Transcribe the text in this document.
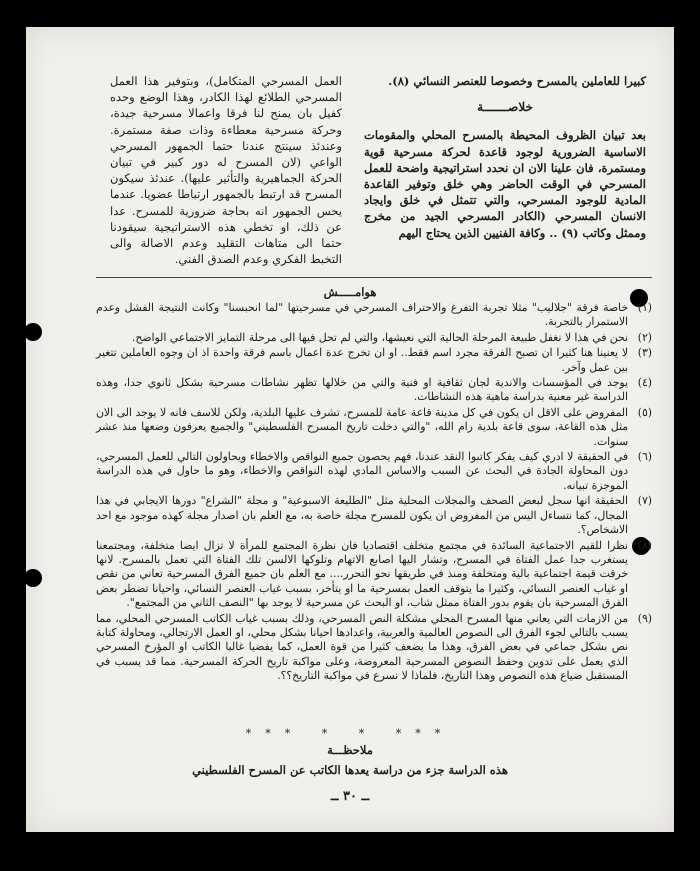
كبيرا للعاملين بالمسرح وخصوصا للعنصر النسائي (٨).
خلاصـــــــة
بعد تبيان الظروف المحيطة بالمسرح المحلي والمقومات الاساسية الضرورية لوجود قاعدة لحركة مسرحية قوية ومستمرة، فان علينا الان ان نحدد استراتيجية واضحة للعمل المسرحي في الوقت الحاضر وهي خلق وتوفير القاعدة المادية للوجود المسرحي، والتي تتمثل في خلق وايجاد الانسان المسرحي (الكادر المسرحي الجيد من مخرج وممثل وكاتب (٩) .. وكافة الفنيين الذين يحتاج اليهم
العمل المسرحي المتكامل)، وبتوفير هذا العمل المسرحي الطلائع لهذا الكادر، وهذا الوضع وحده كفيل بان يمنح لنا فرقا واعمالا مسرحية جيدة، وحركة مسرحية معطاءة وذات صفة مستمرة. وعندئذ سينتج عندنا حتما الجمهور المسرحي الواعي (لان المسرح له دور كبير في تبيان الحركة الجماهيرية والتأثير عليها). عندئذ سيكون المسرح قد ارتبط بالجمهور ارتباطا عضويا. عندما يحس الجمهور انه بحاجة ضرورية للمسرح. عدا عن ذلك، او تخطي هذه الاستراتيجية سيقودنا حتما الى متاهات التقليد وعدم الاصالة والى التخبط الفكري وعدم الصدق الفني.
هوامـــــش
(١)
خاصة فرقة "جلاليب" مثلا تجربة التفرغ والاحتراف المسرحي في مسرحيتها "لما انحبسنا" وكانت النتيجة الفشل وعدم الاستمرار بالتجربة.
(٢)
نحن في هذا لا نغفل طبيعة المرحلة الحالية التي نعيشها، والتي لم تحل فيها الى مرحلة التمايز الاجتماعي الواضح.
(٣)
لا يعنينا هنا كثيرا ان تصبح الفرقة مجرد اسم فقط.. او ان تخرج عدة اعمال باسم فرقة واحدة اذ ان وجوه العاملين تتغير بين عمل وآخر.
(٤)
يوجد في المؤسسات والاندية لجان ثقافية او فنية والتي من خلالها تظهر نشاطات مسرحية بشكل ثانوي جدا، وهذه الدراسة غير معنية بدراسة ماهية هذه النشاطات.
(٥)
المفروض على الاقل ان يكون في كل مدينة قاعة عامة للمسرح، تشرف عليها البلدية، ولكن للاسف فانه لا يوجد الى الان مثل هذه القاعة، سوى قاعة بلدية رام الله، "والتي دخلت تاريخ المسرح الفلسطيني" والجميع يعرفون وضعها منذ عشر سنوات.
(٦)
في الحقيقة لا ادري كيف يفكر كاتبوا النقد عندنا، فهم يحصون جميع النواقص والاخطاء ويحاولون التالي للعمل المسرحي، دون المحاولة الجادة في البحث عن السبب والاساس المادي لهذه النواقص والاخطاء، وهو ما حاول في هذه الدراسة الموجزة تبيانه.
(٧)
الحقيقة انها سجل لبعض الصحف والمجلات المحلية مثل "الطليعة الاسبوعية" و مجلة "الشراع" دورها الايجابي في هذا المجال، كما نتساءل اليس من المفروض ان يكون للمسرح مجلة خاصة به، مع العلم بان اصدار مجلة كهذه موجود مع احد الاشخاص؟.
(٨)
نظرا للقيم الاجتماعية السائدة في مجتمع متخلف اقتصاديا فان نظرة المجتمع للمرأة لا تزال ايضا متخلفة، ومجتمعنا يستغرب جدا عمل الفتاة في المسرح، وتشار اليها اصابع الاتهام وتلوكها الالسن تلك الفتاة التي تعمل بالمسرح. لانها خرقت قيمة اجتماعية بالية ومتخلفة ومنذ في طريقها نحو التحرر.... مع العلم بان جميع الفرق المسرحية تعاني من نقص او غياب العنصر النسائي، وكثيرا ما يتوقف العمل بمسرحية ما او يتأخر، بسبب غياب العنصر النسائي، واحيانا تضطر بعض الفرق المسرحية بان يقوم بدور الفتاة ممثل شاب، او البحث عن مسرحية لا يوجد بها "النصف الثاني من المجتمع".
(٩)
من الازمات التي يعاني منها المسرح المحلي مشكلة النص المسرحي، وذلك بسبب غياب الكاتب المسرحي المحلي، مما يسبب بالتالي لجوء الفرق الى النصوص العالمية والعربية، واعدادها احيانا بشكل محلي، او العمل الارتجالي، ومحاولة كتابة نص بشكل جماعي في بعض الفرق، وهذا ما يضعف كثيرا من قوة العمل، كما يفضيا غالبا الكاتب او المؤرخ المسرحي الذي يعمل على تدوين وحفظ النصوص المسرحية المعروضة، وعلى مواكبة تاريخ الحركة المسرحية. مما قد يسبب في المستقبل ضياع هذه النصوص وهذا التاريخ، فلماذا لا نسرع في مواكبة التاريخ؟؟.
*** * * ***
ملاحظـــة
هذه الدراسة جزء من دراسة يعدها الكاتب عن المسرح الفلسطيني
ــ ٣٠ ــ
